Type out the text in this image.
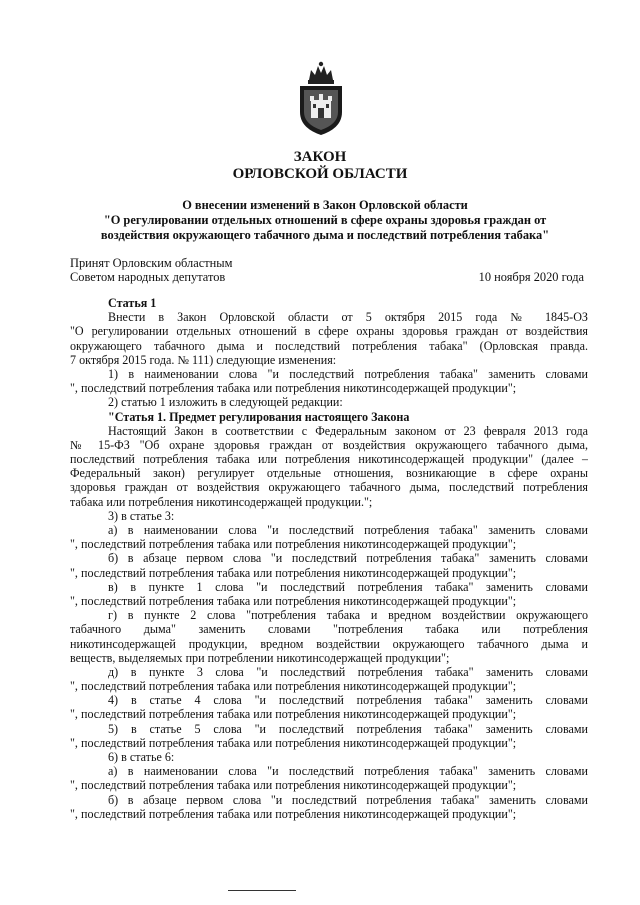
ЗАКОН
ОРЛОВСКОЙ ОБЛАСТИ
О внесении изменений в Закон Орловской области
"О регулировании отдельных отношений в сфере охраны здоровья граждан от
воздействия окружающего табачного дыма и последствий потребления табака"
Принят Орловским областным
Советом народных депутатов	10 ноября 2020 года
Статья 1
Внести в Закон Орловской области от 5 октября 2015 года № 1845-ОЗ
"О регулировании отдельных отношений в сфере охраны здоровья граждан от воздействия
окружающего табачного дыма и последствий потребления табака" (Орловская правда.
7 октября 2015 года. № 111) следующие изменения:
1) в наименовании слова "и последствий потребления табака" заменить словами
", последствий потребления табака или потребления никотинсодержащей продукции";
2) статью 1 изложить в следующей редакции:
"Статья 1. Предмет регулирования настоящего Закона
Настоящий Закон в соответствии с Федеральным законом от 23 февраля 2013 года
№ 15-ФЗ "Об охране здоровья граждан от воздействия окружающего табачного дыма,
последствий потребления табака или потребления никотинсодержащей продукции" (далее –
Федеральный закон) регулирует отдельные отношения, возникающие в сфере охраны
здоровья граждан от воздействия окружающего табачного дыма, последствий потребления
табака или потребления никотинсодержащей продукции.";
3) в статье 3:
а) в наименовании слова "и последствий потребления табака" заменить словами
", последствий потребления табака или потребления никотинсодержащей продукции";
б) в абзаце первом слова "и последствий потребления табака" заменить словами
", последствий потребления табака или потребления никотинсодержащей продукции";
в) в пункте 1 слова "и последствий потребления табака" заменить словами
", последствий потребления табака или потребления никотинсодержащей продукции";
г) в пункте 2 слова "потребления табака и вредном воздействии окружающего
табачного дыма" заменить словами "потребления табака или потребления
никотинсодержащей продукции, вредном воздействии окружающего табачного дыма и
веществ, выделяемых при потреблении никотинсодержащей продукции";
д) в пункте 3 слова "и последствий потребления табака" заменить словами
", последствий потребления табака или потребления никотинсодержащей продукции";
4) в статье 4 слова "и последствий потребления табака" заменить словами
", последствий потребления табака или потребления никотинсодержащей продукции";
5) в статье 5 слова "и последствий потребления табака" заменить словами
", последствий потребления табака или потребления никотинсодержащей продукции";
6) в статье 6:
а) в наименовании слова "и последствий потребления табака" заменить словами
", последствий потребления табака или потребления никотинсодержащей продукции";
б) в абзаце первом слова "и последствий потребления табака" заменить словами
", последствий потребления табака или потребления никотинсодержащей продукции";
